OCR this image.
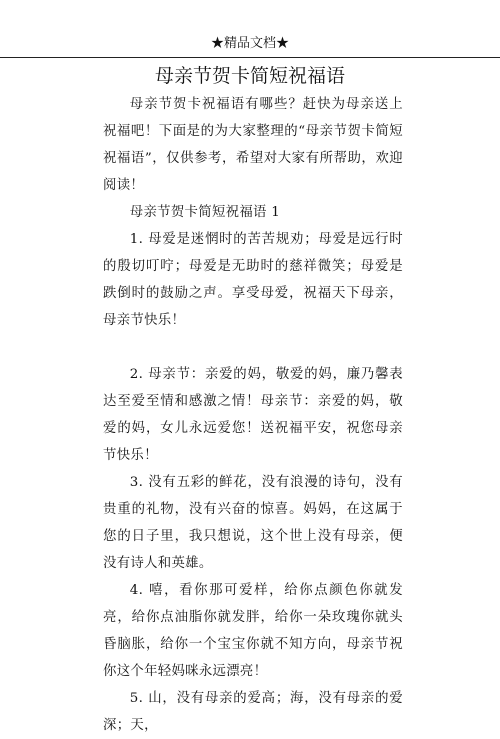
★精品文档★
母亲节贺卡简短祝福语

母亲节贺卡祝福语有哪些？赶快为母亲送上祝福吧！下面是的为大家整理的“母亲节贺卡简短祝福语”，仅供参考，希望对大家有所帮助，欢迎阅读！

母亲节贺卡简短祝福语 1

1. 母爱是迷惘时的苦苦规劝；母爱是远行时的殷切叮咛；母爱是无助时的慈祥微笑；母爱是跌倒时的鼓励之声。享受母爱，祝福天下母亲，母亲节快乐！

2. 母亲节：亲爱的妈，敬爱的妈，廉乃馨表达至爱至情和感激之情！母亲节：亲爱的妈，敬爱的妈，女儿永远爱您！送祝福平安，祝您母亲节快乐！

3. 没有五彩的鲜花，没有浪漫的诗句，没有贵重的礼物，没有兴奋的惊喜。妈妈，在这属于您的日子里，我只想说，这个世上没有母亲，便没有诗人和英雄。

4. 嘻，看你那可爱样，给你点颜色你就发亮，给你点油脂你就发胖，给你一朵玫瑰你就头昏脑胀，给你一个宝宝你就不知方向，母亲节祝你这个年轻妈咪永远漂亮！

5. 山，没有母亲的爱高；海，没有母亲的爱深；天，
